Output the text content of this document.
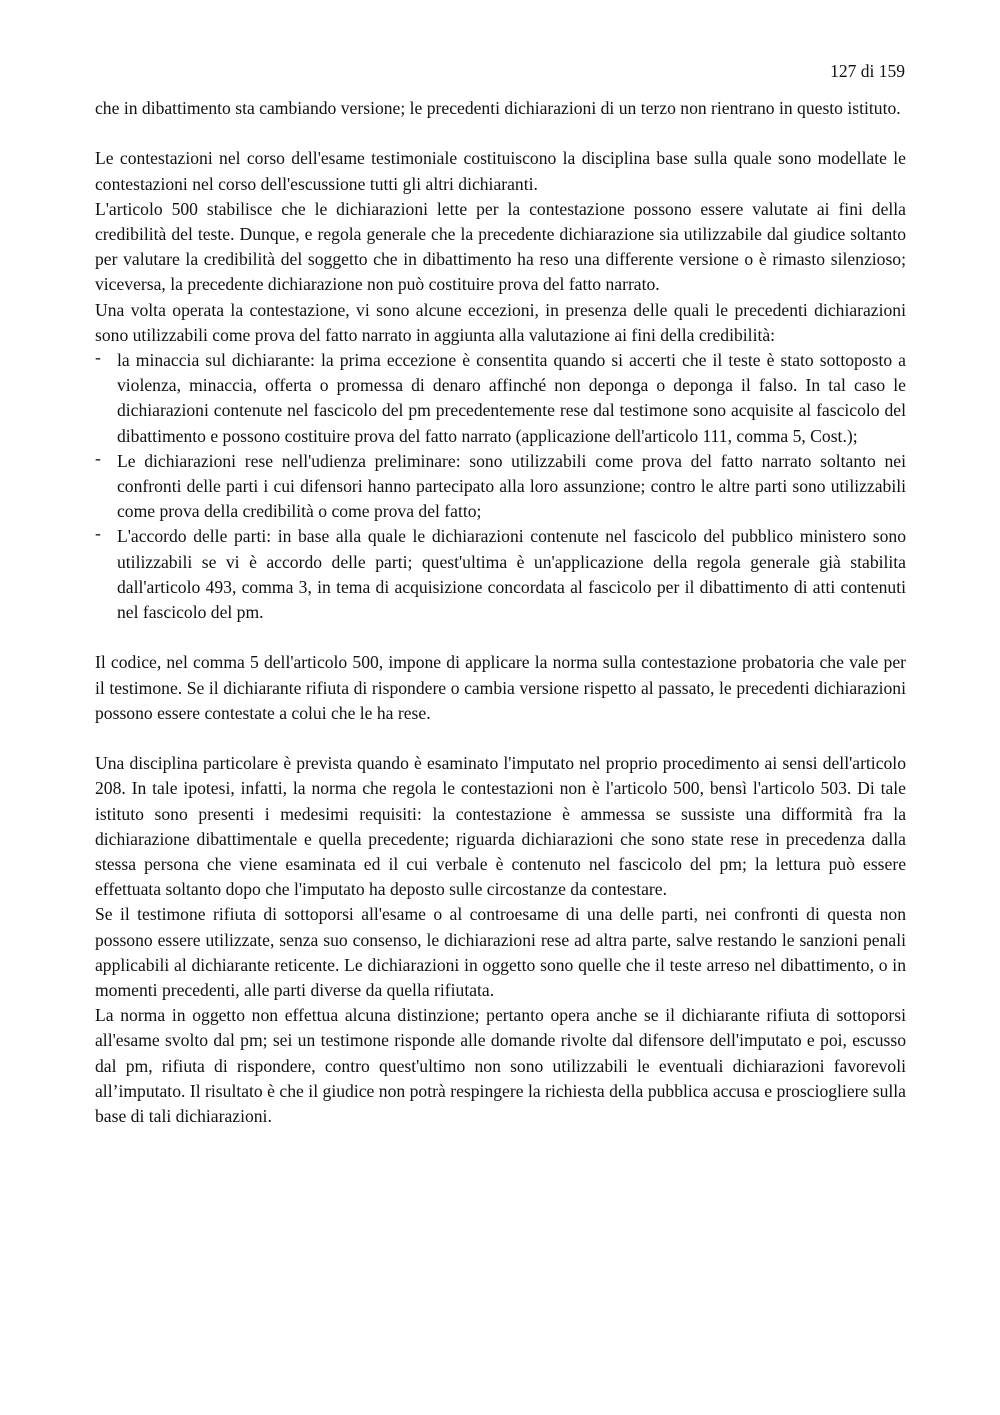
127 di 159

che in dibattimento sta cambiando versione; le precedenti dichiarazioni di un terzo non rientrano in questo istituto.

Le contestazioni nel corso dell'esame testimoniale costituiscono la disciplina base sulla quale sono modellate le contestazioni nel corso dell'escussione tutti gli altri dichiaranti.

L'articolo 500 stabilisce che le dichiarazioni lette per la contestazione possono essere valutate ai fini della credibilità del teste. Dunque, e regola generale che la precedente dichiarazione sia utilizzabile dal giudice soltanto per valutare la credibilità del soggetto che in dibattimento ha reso una differente versione o è rimasto silenzioso; viceversa, la precedente dichiarazione non può costituire prova del fatto narrato.

Una volta operata la contestazione, vi sono alcune eccezioni, in presenza delle quali le precedenti dichiarazioni sono utilizzabili come prova del fatto narrato in aggiunta alla valutazione ai fini della credibilità:

- la minaccia sul dichiarante: la prima eccezione è consentita quando si accerti che il teste è stato sottoposto a violenza, minaccia, offerta o promessa di denaro affinché non deponga o deponga il falso. In tal caso le dichiarazioni contenute nel fascicolo del pm precedentemente rese dal testimone sono acquisite al fascicolo del dibattimento e possono costituire prova del fatto narrato (applicazione dell'articolo 111, comma 5, Cost.);
- Le dichiarazioni rese nell'udienza preliminare: sono utilizzabili come prova del fatto narrato soltanto nei confronti delle parti i cui difensori hanno partecipato alla loro assunzione; contro le altre parti sono utilizzabili come prova della credibilità o come prova del fatto;
- L'accordo delle parti: in base alla quale le dichiarazioni contenute nel fascicolo del pubblico ministero sono utilizzabili se vi è accordo delle parti; quest'ultima è un'applicazione della regola generale già stabilita dall'articolo 493, comma 3, in tema di acquisizione concordata al fascicolo per il dibattimento di atti contenuti nel fascicolo del pm.

Il codice, nel comma 5 dell'articolo 500, impone di applicare la norma sulla contestazione probatoria che vale per il testimone. Se il dichiarante rifiuta di rispondere o cambia versione rispetto al passato, le precedenti dichiarazioni possono essere contestate a colui che le ha rese.

Una disciplina particolare è prevista quando è esaminato l'imputato nel proprio procedimento ai sensi dell'articolo 208. In tale ipotesi, infatti, la norma che regola le contestazioni non è l'articolo 500, bensì l'articolo 503. Di tale istituto sono presenti i medesimi requisiti: la contestazione è ammessa se sussiste una difformità fra la dichiarazione dibattimentale e quella precedente; riguarda dichiarazioni che sono state rese in precedenza dalla stessa persona che viene esaminata ed il cui verbale è contenuto nel fascicolo del pm; la lettura può essere effettuata soltanto dopo che l'imputato ha deposto sulle circostanze da contestare.

Se il testimone rifiuta di sottoporsi all'esame o al controesame di una delle parti, nei confronti di questa non possono essere utilizzate, senza suo consenso, le dichiarazioni rese ad altra parte, salve restando le sanzioni penali applicabili al dichiarante reticente. Le dichiarazioni in oggetto sono quelle che il teste arreso nel dibattimento, o in momenti precedenti, alle parti diverse da quella rifiutata.

La norma in oggetto non effettua alcuna distinzione; pertanto opera anche se il dichiarante rifiuta di sottoporsi all'esame svolto dal pm; sei un testimone risponde alle domande rivolte dal difensore dell'imputato e poi, escusso dal pm, rifiuta di rispondere, contro quest'ultimo non sono utilizzabili le eventuali dichiarazioni favorevoli all’imputato. Il risultato è che il giudice non potrà respingere la richiesta della pubblica accusa e prosciogliere sulla base di tali dichiarazioni.
